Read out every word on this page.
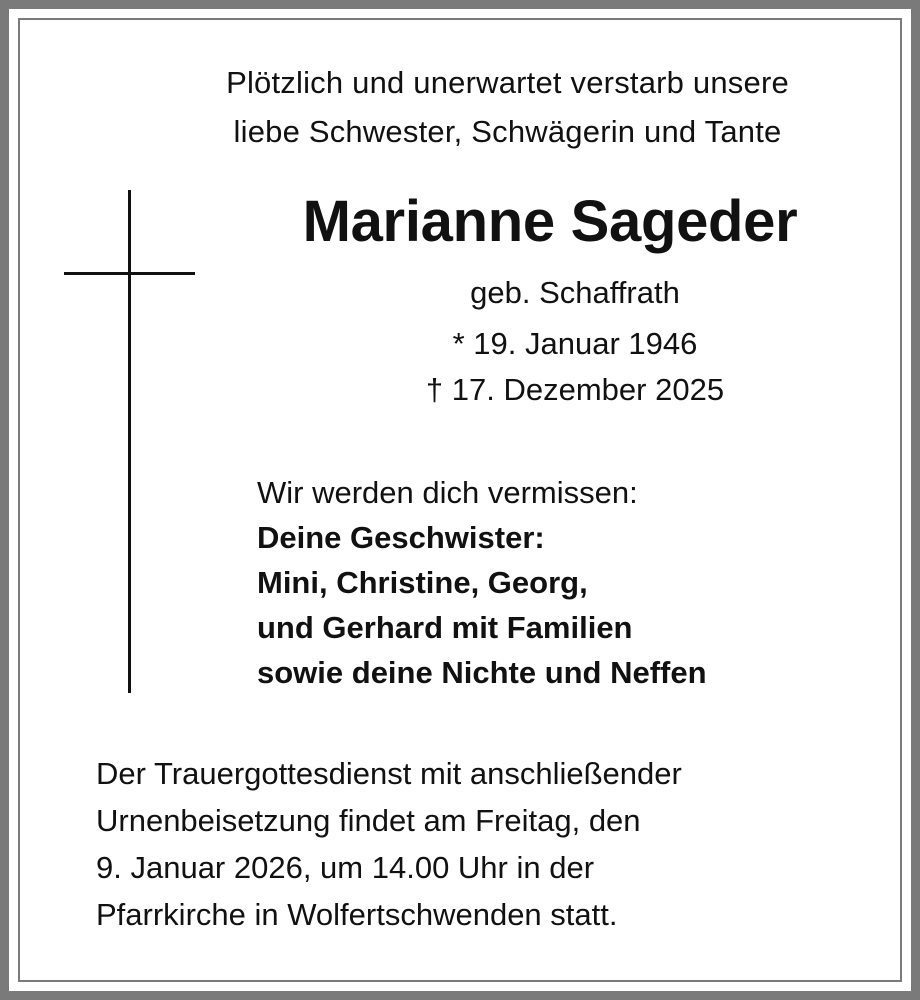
Plötzlich und unerwartet verstarb unsere
liebe Schwester, Schwägerin und Tante
Marianne Sageder
geb. Schaffrath
* 19. Januar 1946
† 17. Dezember 2025
Wir werden dich vermissen:
Deine Geschwister:
Mini, Christine, Georg,
und Gerhard mit Familien
sowie deine Nichte und Neffen
Der Trauergottesdienst mit anschließender
Urnenbeisetzung findet am Freitag, den
9. Januar 2026, um 14.00 Uhr in der
Pfarrkirche in Wolfertschwenden statt.
